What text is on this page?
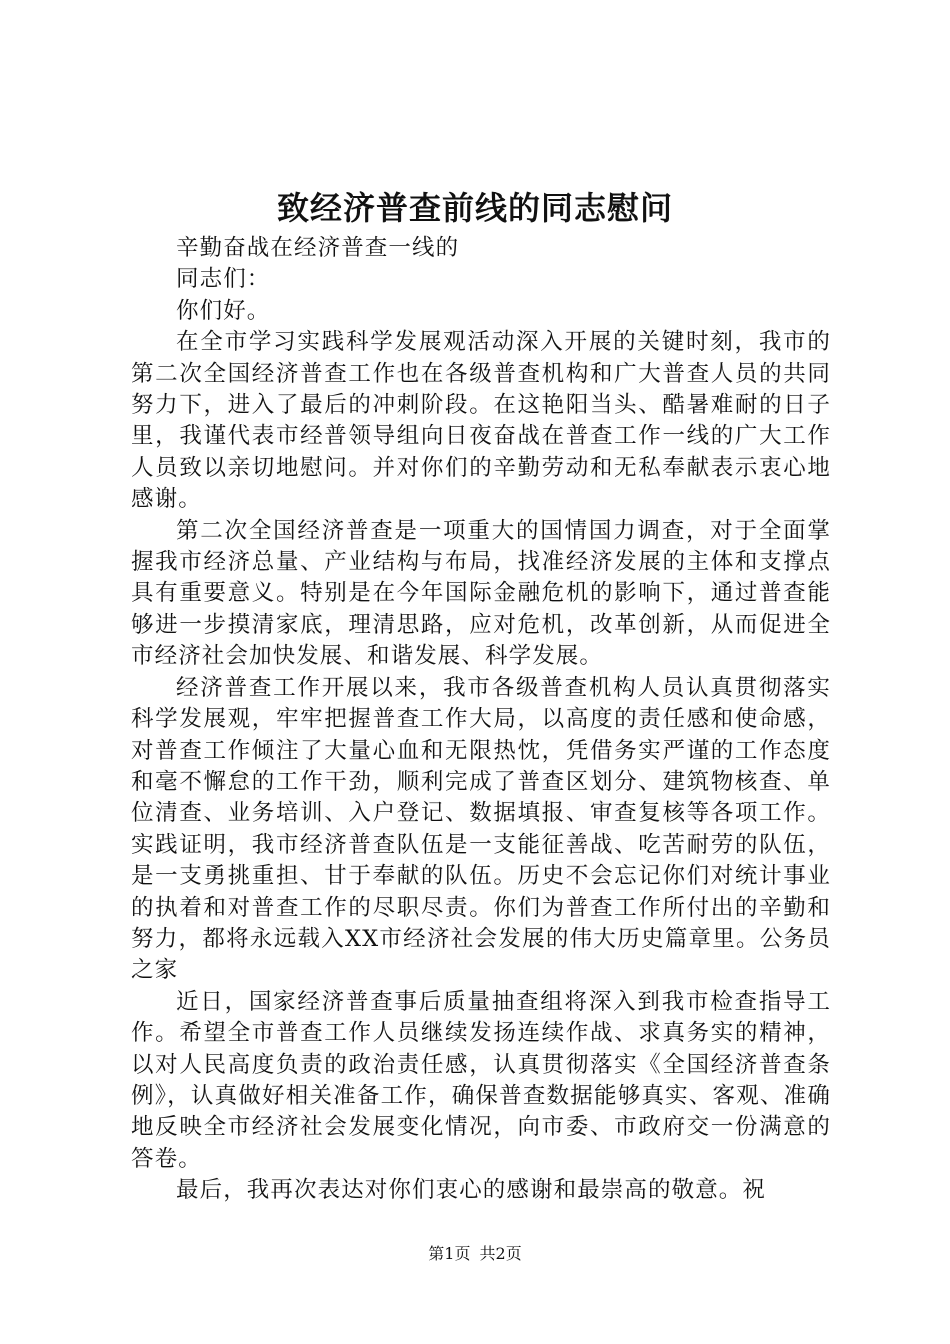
致经济普查前线的同志慰问

辛勤奋战在经济普查一线的

同志们：

你们好。

在全市学习实践科学发展观活动深入开展的关键时刻，我市的第二次全国经济普查工作也在各级普查机构和广大普查人员的共同努力下，进入了最后的冲刺阶段。在这艳阳当头、酷暑难耐的日子里，我谨代表市经普领导组向日夜奋战在普查工作一线的广大工作人员致以亲切地慰问。并对你们的辛勤劳动和无私奉献表示衷心地感谢。

第二次全国经济普查是一项重大的国情国力调查，对于全面掌握我市经济总量、产业结构与布局，找准经济发展的主体和支撑点具有重要意义。特别是在今年国际金融危机的影响下，通过普查能够进一步摸清家底，理清思路，应对危机，改革创新，从而促进全市经济社会加快发展、和谐发展、科学发展。

经济普查工作开展以来，我市各级普查机构人员认真贯彻落实科学发展观，牢牢把握普查工作大局，以高度的责任感和使命感，对普查工作倾注了大量心血和无限热忱，凭借务实严谨的工作态度和毫不懈怠的工作干劲，顺利完成了普查区划分、建筑物核查、单位清查、业务培训、入户登记、数据填报、审查复核等各项工作。实践证明，我市经济普查队伍是一支能征善战、吃苦耐劳的队伍，是一支勇挑重担、甘于奉献的队伍。历史不会忘记你们对统计事业的执着和对普查工作的尽职尽责。你们为普查工作所付出的辛勤和努力，都将永远载入XX市经济社会发展的伟大历史篇章里。公务员之家

近日，国家经济普查事后质量抽查组将深入到我市检查指导工作。希望全市普查工作人员继续发扬连续作战、求真务实的精神，以对人民高度负责的政治责任感，认真贯彻落实《全国经济普查条例》，认真做好相关准备工作，确保普查数据能够真实、客观、准确地反映全市经济社会发展变化情况，向市委、市政府交一份满意的答卷。

最后，我再次表达对你们衷心的感谢和最崇高的敬意。祝

第1页 共2页
